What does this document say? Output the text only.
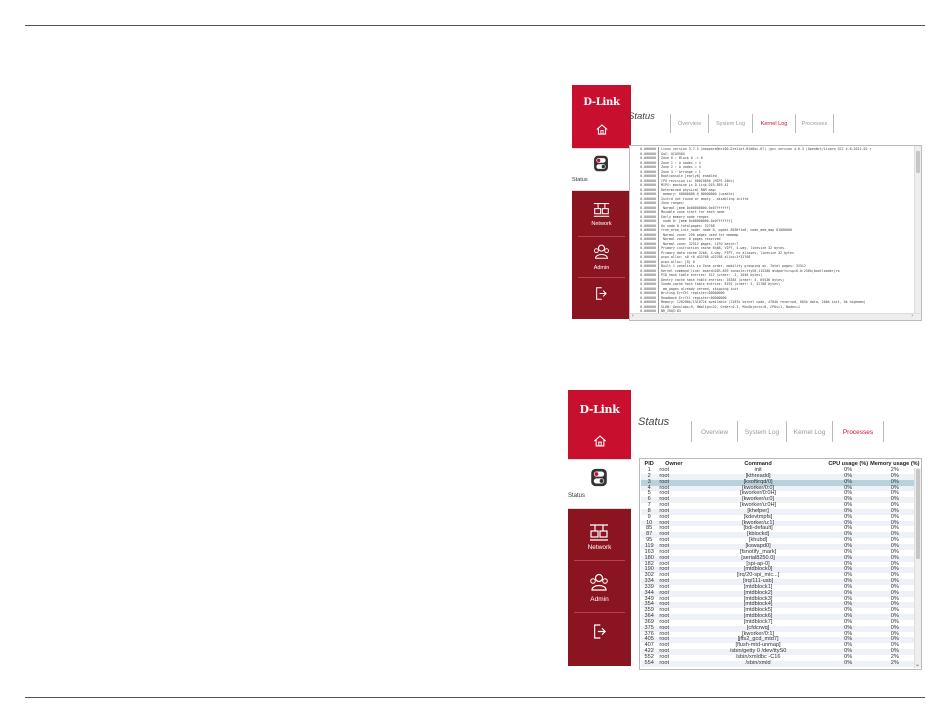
D-Link
Status
Network
Admin
Status
Overview	System Log	Kernel Log	Processes
0.000000 Linux version 3.7.5 (moopare@mri00-Dreliet-B1d6oc.67) (gcc version 4.6.3 (OpenWrt/Linaro GCC 4.6-2012.02 r
0.000000 SoC: QCA956X
0.000000 Zone 0 : Block 0 -> 0
0.000000 Zone 1 : A nodes = 4
0.000000 Zone 2 : A nodes = 4
0.000000 Zone 3 : Arrange = 1
0.000000 Bootconsole [early0] enabled
0.000000 CPU revision is: 00019856 (MIPS 24Kc)
0.000000 MIPS: machine is D-Link DIR-859 A1
0.000000 Determined physical RAM map:
0.000000 memory: 08000000 @ 00000000 (usable)
0.000000 Initrd not found or empty - disabling initrd
0.000000 Zone ranges:
0.000000 Normal [mem 0x00000000-0x07ffffff]
0.000000 Movable zone start for each node
0.000000 Early memory node ranges
0.000000 node 0: [mem 0x00000000-0x07ffffff]
0.000000 On node 0 totalpages: 32768
0.000000 free_area_init_node: node 0, pgdat 8036f1e0, node_mem_map 81000000
0.000000 Normal zone: 256 pages used for memmap
0.000000 Normal zone: 0 pages reserved
0.000000 Normal zone: 32512 pages, LIFO batch:7
0.000000 Primary instruction cache 64kB, VIPT, 4-way, linesize 32 bytes.
0.000000 Primary data cache 32kB, 4-way, PIPT, no aliases, linesize 32 bytes
0.000000 pcpu-alloc: s0 r0 d32768 u32768 alloc=1*32768
0.000000 pcpu-alloc: [0] 0
0.000000 Built 1 zonelists in Zone order, mobility grouping on. Total pages: 32512
0.000000 Kernel command line: board=DIR-859 console=ttyS0,115200 mtdparts=spi0.0:256k(bootloader)ro
0.000000 PID hash table entries: 512 (order: -1, 2048 bytes)
0.000000 Dentry cache hash table entries: 16384 (order: 4, 65536 bytes)
0.000000 Inode-cache hash table entries: 8192 (order: 3, 32768 bytes)
0.000000 mm_pages already zeroed, skipping init
0.000000 Writing ErrCtl register=00000000
0.000000 Readback ErrCtl register=00000000
0.000000 Memory: 126288k/131072k available (2287k kernel code, 4784k reserved, 605k data, 200k init, 0k highmem)
0.000000 SLUB: Genslabs=9, HWalign=32, Order=0-3, MinObjects=0, CPUs=1, Nodes=1
0.000000 NR_IRQS:83
‹	›
D-Link
Status
Network
Admin
Status
Overview	System Log	Kernel Log	Processes
PID	Owner	Command	CPU usage (%)	Memory usage (%)
1	root	init	0%	2%
2	root	[kthreadd]	0%	0%
3	root	[ksoftirqd/0]	0%	0%
4	root	[kworker/0:0]	0%	0%
5	root	[kworker/0:0H]	0%	0%
6	root	[kworker/u:0]	0%	0%
7	root	[kworker/u:0H]	0%	0%
8	root	[khelper]	0%	0%
9	root	[kdevtmpfs]	0%	0%
10	root	[kworker/u:1]	0%	0%
85	root	[bdi-default]	0%	0%
87	root	[kblockd]	0%	0%
95	root	[khubd]	0%	0%
119	root	[kswapd0]	0%	0%
163	root	[fsnotify_mark]	0%	0%
180	root	[serial8250.0]	0%	0%
182	root	[spi-ap-0]	0%	0%
190	root	[mtdblock0]	0%	0%
302	root	[irq/20-spi_mic...]	0%	0%
334	root	[irq/111-usb]	0%	0%
339	root	[mtdblock1]	0%	0%
344	root	[mtdblock2]	0%	0%
349	root	[mtdblock3]	0%	0%
354	root	[mtdblock4]	0%	0%
359	root	[mtdblock5]	0%	0%
364	root	[mtdblock6]	0%	0%
369	root	[mtdblock7]	0%	0%
375	root	[cfdcrwq]	0%	0%
376	root	[kworker/0:1]	0%	0%
405	root	[jffs2_gcd_mtd7]	0%	0%
407	root	[flush-mtd-unmap]	0%	0%
422	root	/sbin/getty 0 /dev/ttyS0	0%	0%
552	root	/sbin/xmldbc -C16	0%	2%
554	root	/sbin/xmld	0%	2%	⌄
